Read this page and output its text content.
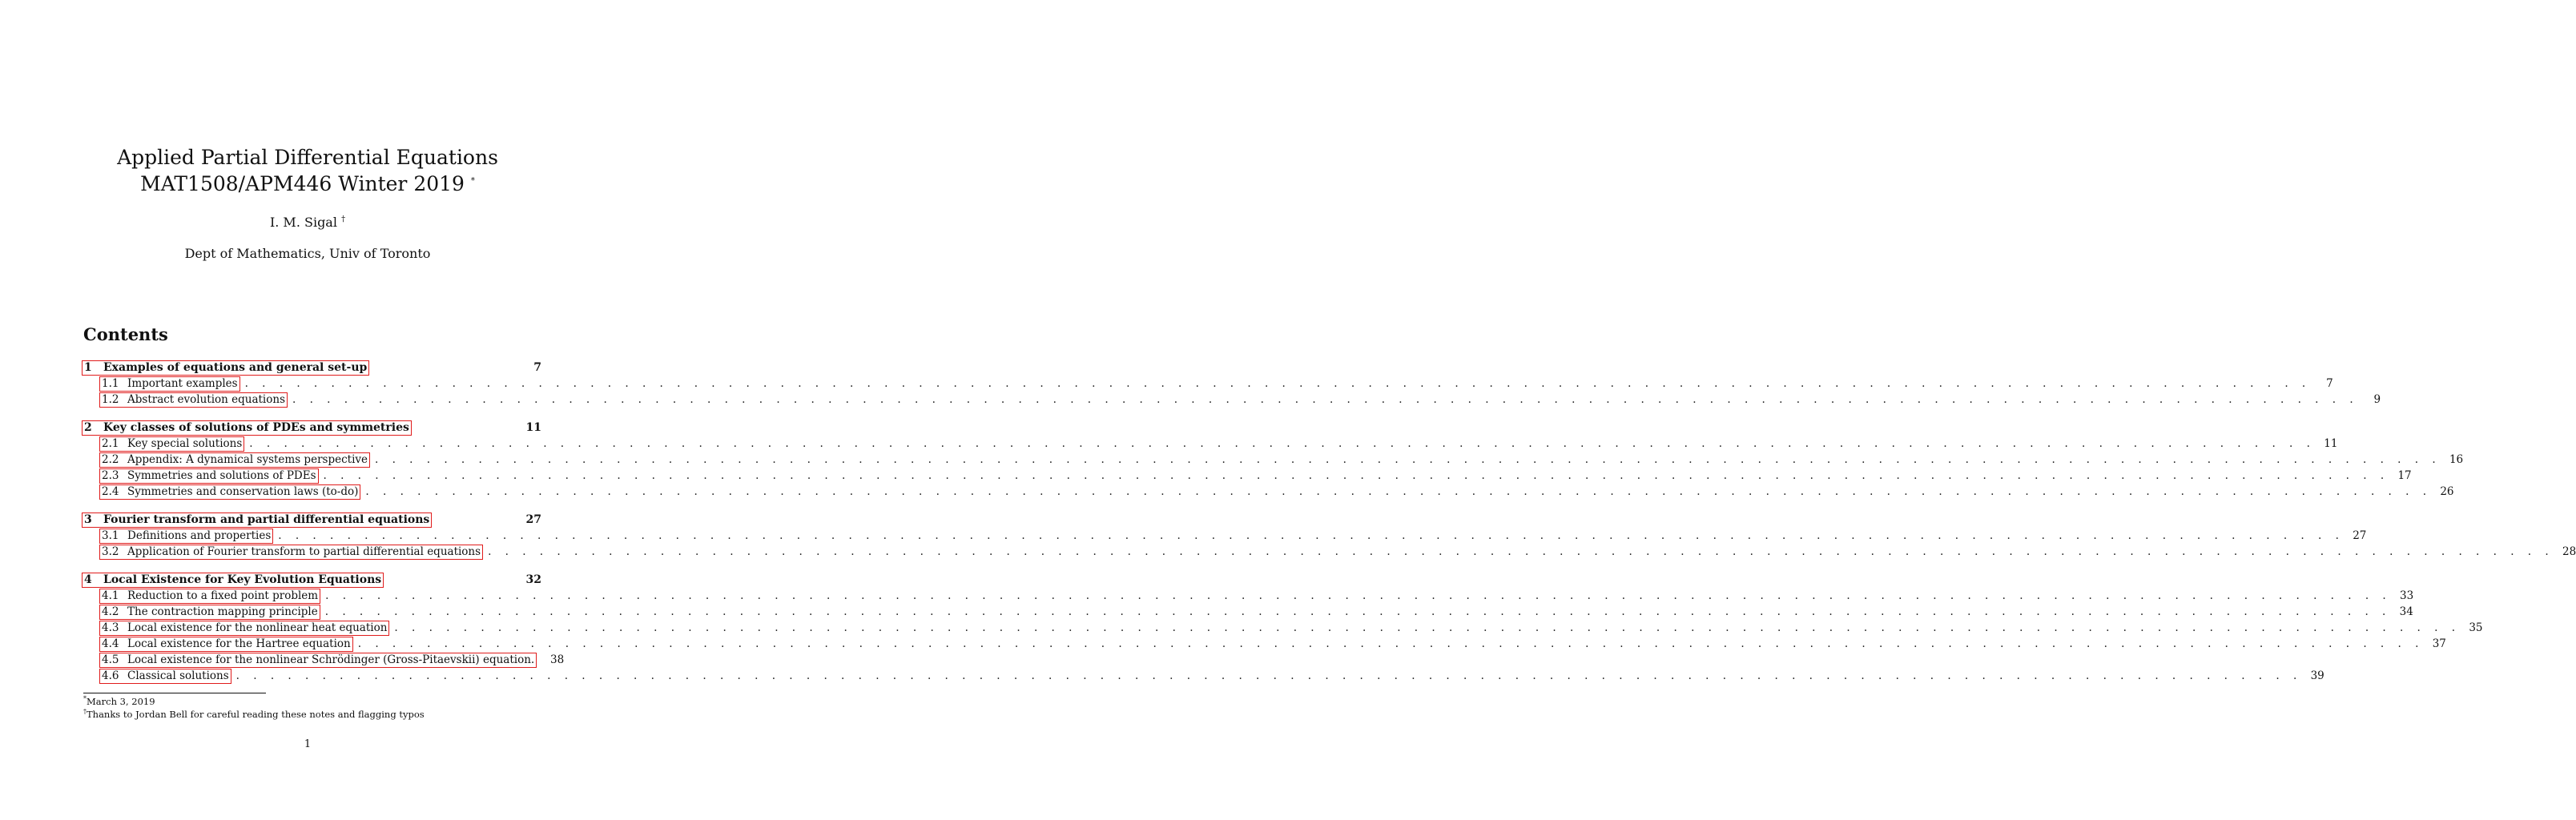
Applied Partial Differential Equations
MAT1508/APM446 Winter 2019 *
I. M. Sigal †
Dept of Mathematics, Univ of Toronto
Contents
1	Examples of equations and general set-up	7
1.1 Important examples . . . . . . . . . . . . . . . . . . . . . . . . . . . . . . . . . . . . . . . . . . . . . . . . . . . . . . . . . . . . . . . . . . . . . . . . . . . . . . . . . . . . . . . . . . . . . . . . . . . . . . . . . . . . . . . . . . . . . . . .	7
1.2 Abstract evolution equations . . . . . . . . . . . . . . . . . . . . . . . . . . . . . . . . . . . . . . . . . . . . . . . . . . . . . . . . . . . . . . . . . . . . . . . . . . . . . . . . . . . . . . . . . . . . . . . . . . . . . . . . . . . . . . . . . . . . . . . .	9
2	Key classes of solutions of PDEs and symmetries	11
2.1 Key special solutions . . . . . . . . . . . . . . . . . . . . . . . . . . . . . . . . . . . . . . . . . . . . . . . . . . . . . . . . . . . . . . . . . . . . . . . . . . . . . . . . . . . . . . . . . . . . . . . . . . . . . . . . . . . . . . . . . . . . . . . . 11
2.2 Appendix: A dynamical systems perspective . . . . . . . . . . . . . . . . . . . . . . . . . . . . . . . . . . . . . . . . . . . . . . . . . . . . . . . . . . . . . . . . . . . . . . . . . . . . . . . . . . . . . . . . . . . . . . . . . . . . . . . . . . . . . . . . . . . . . . . . 16
2.3 Symmetries and solutions of PDEs . . . . . . . . . . . . . . . . . . . . . . . . . . . . . . . . . . . . . . . . . . . . . . . . . . . . . . . . . . . . . . . . . . . . . . . . . . . . . . . . . . . . . . . . . . . . . . . . . . . . . . . . . . . . . . . . . . . . . . . . 17
2.4 Symmetries and conservation laws (to-do) . . . . . . . . . . . . . . . . . . . . . . . . . . . . . . . . . . . . . . . . . . . . . . . . . . . . . . . . . . . . . . . . . . . . . . . . . . . . . . . . . . . . . . . . . . . . . . . . . . . . . . . . . . . . . . . . . . . . . . . . 26
3	Fourier transform and partial differential equations	27
3.1 Definitions and properties . . . . . . . . . . . . . . . . . . . . . . . . . . . . . . . . . . . . . . . . . . . . . . . . . . . . . . . . . . . . . . . . . . . . . . . . . . . . . . . . . . . . . . . . . . . . . . . . . . . . . . . . . . . . . . . . . . . . . . . . 27
3.2 Application of Fourier transform to partial differential equations . . . . . . . . . . . . . . . . . . . . . . . . . . . . . . . . . . . . . . . . . . . . . . . . . . . . . . . . . . . . . . . . . . . . . . . . . . . . . . . . . . . . . . . . . . . . . . . . . . . . . . . . . . . . . . . . . . . . . . . . 28
4	Local Existence for Key Evolution Equations	32
4.1 Reduction to a fixed point problem . . . . . . . . . . . . . . . . . . . . . . . . . . . . . . . . . . . . . . . . . . . . . . . . . . . . . . . . . . . . . . . . . . . . . . . . . . . . . . . . . . . . . . . . . . . . . . . . . . . . . . . . . . . . . . . . . . . . . . . . 33
4.2 The contraction mapping principle . . . . . . . . . . . . . . . . . . . . . . . . . . . . . . . . . . . . . . . . . . . . . . . . . . . . . . . . . . . . . . . . . . . . . . . . . . . . . . . . . . . . . . . . . . . . . . . . . . . . . . . . . . . . . . . . . . . . . . . . 34
4.3 Local existence for the nonlinear heat equation . . . . . . . . . . . . . . . . . . . . . . . . . . . . . . . . . . . . . . . . . . . . . . . . . . . . . . . . . . . . . . . . . . . . . . . . . . . . . . . . . . . . . . . . . . . . . . . . . . . . . . . . . . . . . . . . . . . . . . . . 35
4.4 Local existence for the Hartree equation . . . . . . . . . . . . . . . . . . . . . . . . . . . . . . . . . . . . . . . . . . . . . . . . . . . . . . . . . . . . . . . . . . . . . . . . . . . . . . . . . . . . . . . . . . . . . . . . . . . . . . . . . . . . . . . . . . . . . . . . 37
4.5 Local existence for the nonlinear Schrödinger (Gross-Pitaevskii) equation.	38
4.6 Classical solutions . . . . . . . . . . . . . . . . . . . . . . . . . . . . . . . . . . . . . . . . . . . . . . . . . . . . . . . . . . . . . . . . . . . . . . . . . . . . . . . . . . . . . . . . . . . . . . . . . . . . . . . . . . . . . . . . . . . . . . . . 39
*March 3, 2019
†Thanks to Jordan Bell for careful reading these notes and flagging typos
1
